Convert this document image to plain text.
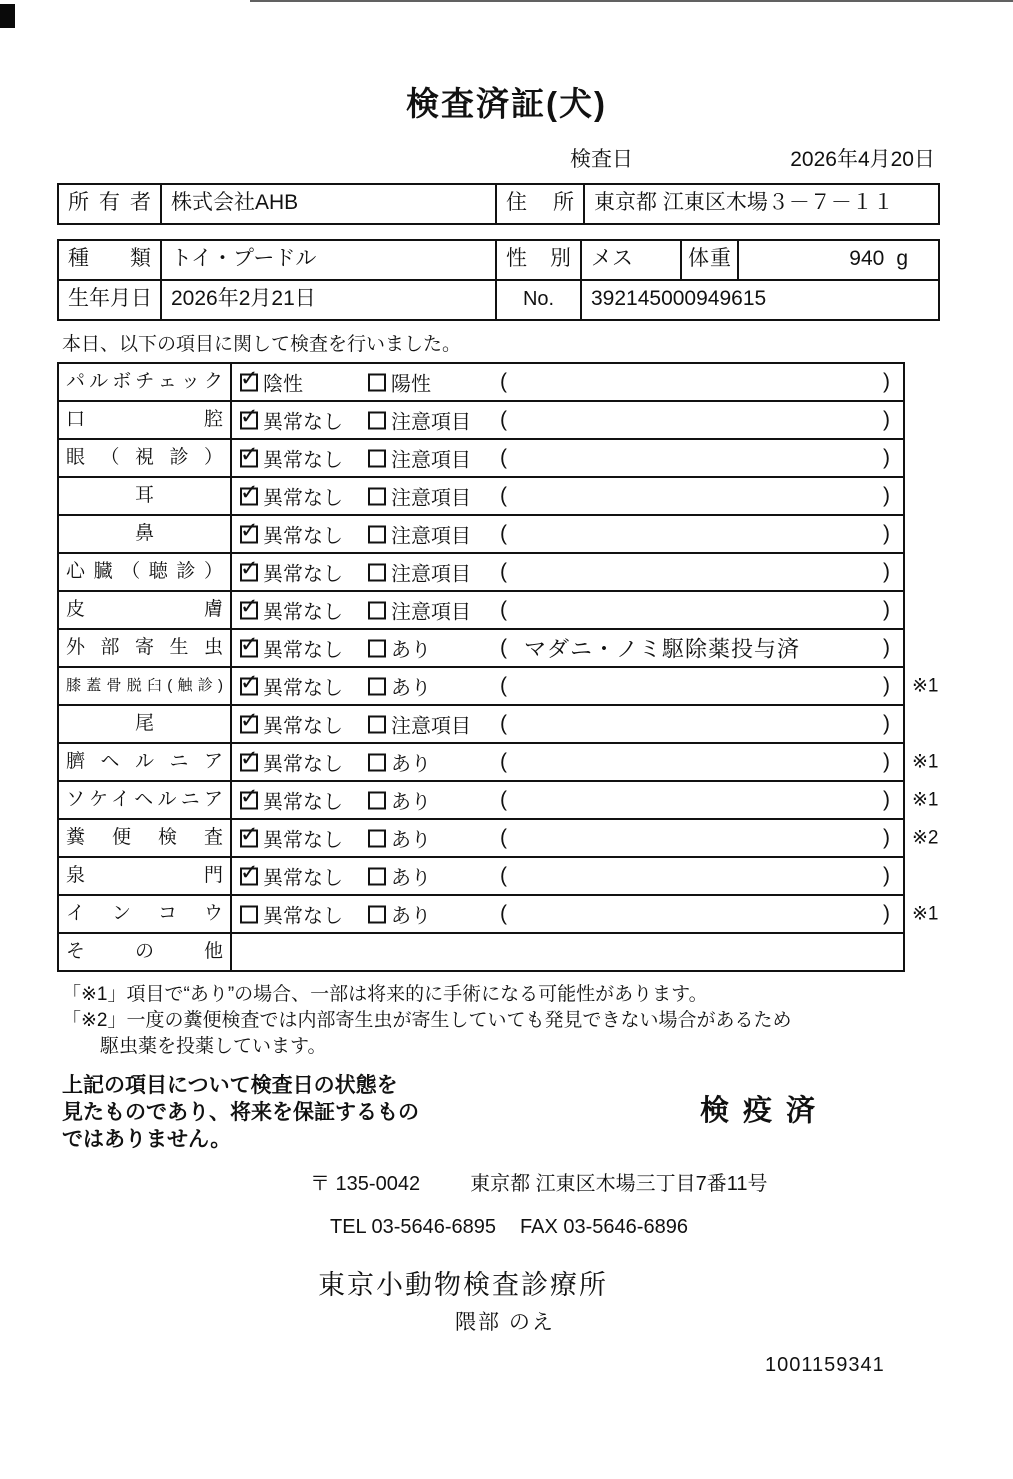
検査済証(犬)
検査日	2026年4月20日
所有者 株式会社AHB	住所 東京都 江東区木場３－７－１１
種類 トイ・プードル	性別 メス	体重	940 g
生年月日 2026年2月21日	No.	392145000949615
本日、以下の項目に関して検査を行いました。
パルボチェック ✓	陰性	陽性	(	)
口腔 ✓	異常なし 注意項目 (	)
眼（視診） ✓	異常なし 注意項目 (	)
耳 ✓	異常なし 注意項目 (	)
鼻 ✓	異常なし 注意項目 (	)
心臓（聴診） ✓	異常なし 注意項目 (	)
皮膚 ✓	異常なし 注意項目 (	)
外部寄生虫 ✓	異常なし あり	( マダニ・ノミ駆除薬投与済	)
膝蓋骨脱臼(触診) ✓	異常なし あり	(	) ※1
尾 ✓	異常なし 注意項目 (	)
臍ヘルニア ✓	異常なし あり	(	) ※1
ソケイヘルニア ✓	異常なし あり	(	) ※1
糞便検査 ✓	異常なし あり	(	) ※2
泉門 ✓	異常なし あり	(	)
インコウ	異常なし あり	(	) ※1
その他
「※1」項目で“あり”の場合、一部は将来的に手術になる可能性があります。
「※2」一度の糞便検査では内部寄生虫が寄生していても発見できない場合があるため
駆虫薬を投薬しています。
上記の項目について検査日の状態を
見たものであり、将来を保証するもの
ではありません。
検疫済
〒 135-0042	東京都 江東区木場三丁目7番11号
TEL 03-5646-6895 FAX 03-5646-6896
東京小動物検査診療所
隈部 のえ
1001159341
